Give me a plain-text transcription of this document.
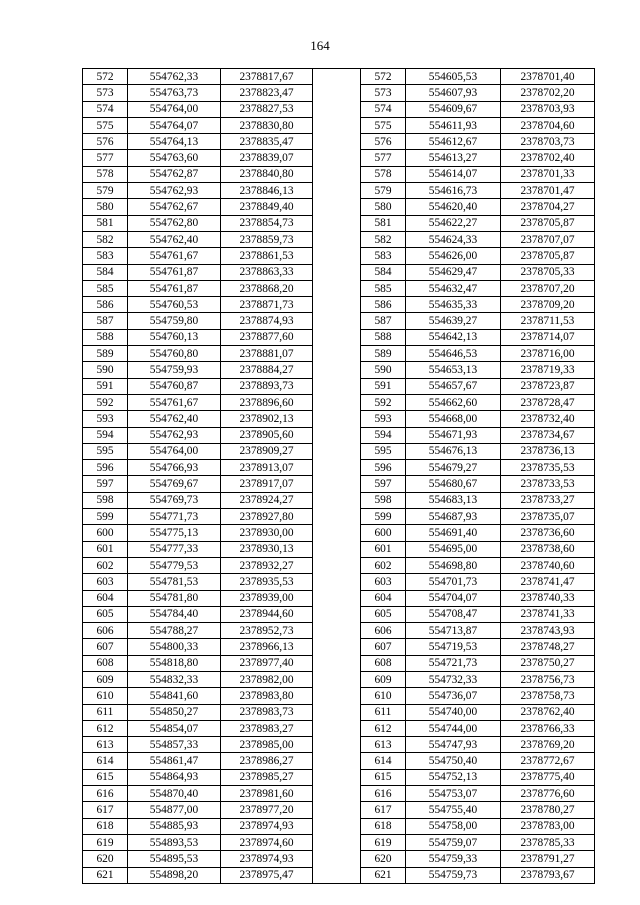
164
572	554762,33	2378817,67		572	554605,53	2378701,40
573	554763,73	2378823,47		573	554607,93	2378702,20
574	554764,00	2378827,53		574	554609,67	2378703,93
575	554764,07	2378830,80		575	554611,93	2378704,60
576	554764,13	2378835,47		576	554612,67	2378703,73
577	554763,60	2378839,07		577	554613,27	2378702,40
578	554762,87	2378840,80		578	554614,07	2378701,33
579	554762,93	2378846,13		579	554616,73	2378701,47
580	554762,67	2378849,40		580	554620,40	2378704,27
581	554762,80	2378854,73		581	554622,27	2378705,87
582	554762,40	2378859,73		582	554624,33	2378707,07
583	554761,67	2378861,53		583	554626,00	2378705,87
584	554761,87	2378863,33		584	554629,47	2378705,33
585	554761,87	2378868,20		585	554632,47	2378707,20
586	554760,53	2378871,73		586	554635,33	2378709,20
587	554759,80	2378874,93		587	554639,27	2378711,53
588	554760,13	2378877,60		588	554642,13	2378714,07
589	554760,80	2378881,07		589	554646,53	2378716,00
590	554759,93	2378884,27		590	554653,13	2378719,33
591	554760,87	2378893,73		591	554657,67	2378723,87
592	554761,67	2378896,60		592	554662,60	2378728,47
593	554762,40	2378902,13		593	554668,00	2378732,40
594	554762,93	2378905,60		594	554671,93	2378734,67
595	554764,00	2378909,27		595	554676,13	2378736,13
596	554766,93	2378913,07		596	554679,27	2378735,53
597	554769,67	2378917,07		597	554680,67	2378733,53
598	554769,73	2378924,27		598	554683,13	2378733,27
599	554771,73	2378927,80		599	554687,93	2378735,07
600	554775,13	2378930,00		600	554691,40	2378736,60
601	554777,33	2378930,13		601	554695,00	2378738,60
602	554779,53	2378932,27		602	554698,80	2378740,60
603	554781,53	2378935,53		603	554701,73	2378741,47
604	554781,80	2378939,00		604	554704,07	2378740,33
605	554784,40	2378944,60		605	554708,47	2378741,33
606	554788,27	2378952,73		606	554713,87	2378743,93
607	554800,33	2378966,13		607	554719,53	2378748,27
608	554818,80	2378977,40		608	554721,73	2378750,27
609	554832,33	2378982,00		609	554732,33	2378756,73
610	554841,60	2378983,80		610	554736,07	2378758,73
611	554850,27	2378983,73		611	554740,00	2378762,40
612	554854,07	2378983,27		612	554744,00	2378766,33
613	554857,33	2378985,00		613	554747,93	2378769,20
614	554861,47	2378986,27		614	554750,40	2378772,67
615	554864,93	2378985,27		615	554752,13	2378775,40
616	554870,40	2378981,60		616	554753,07	2378776,60
617	554877,00	2378977,20		617	554755,40	2378780,27
618	554885,93	2378974,93		618	554758,00	2378783,00
619	554893,53	2378974,60		619	554759,07	2378785,33
620	554895,53	2378974,93		620	554759,33	2378791,27
621	554898,20	2378975,47		621	554759,73	2378793,67
